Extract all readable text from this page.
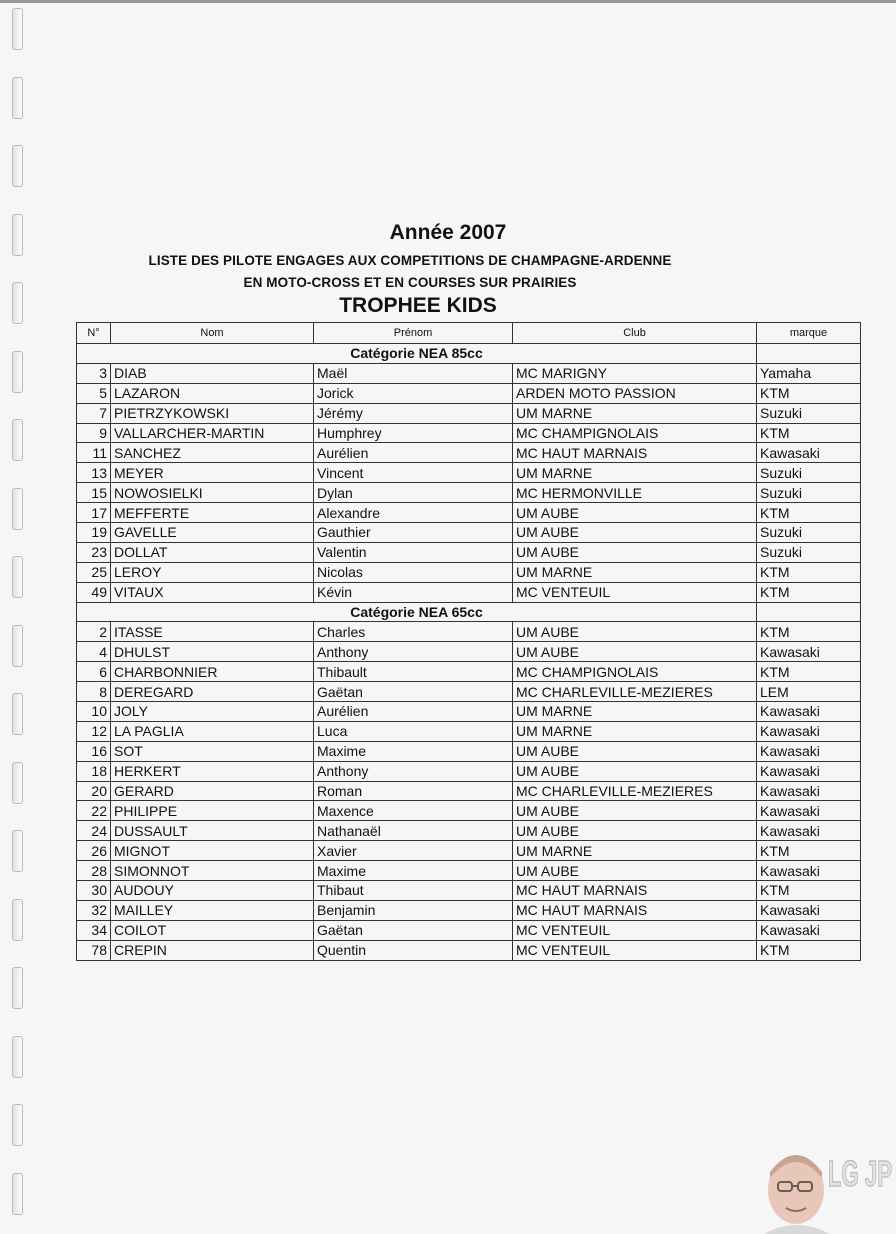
Année 2007
LISTE DES PILOTE ENGAGES AUX COMPETITIONS DE CHAMPAGNE-ARDENNE
EN MOTO-CROSS ET EN COURSES SUR PRAIRIES
TROPHEE KIDS
N°	Nom	Prénom	Club	marque
Catégorie NEA 85cc				
3	DIAB	Maël	MC MARIGNY	Yamaha
5	LAZARON	Jorick	ARDEN MOTO PASSION	KTM
7	PIETRZYKOWSKI	Jérémy	UM MARNE	Suzuki
9	VALLARCHER-MARTIN	Humphrey	MC CHAMPIGNOLAIS	KTM
11	SANCHEZ	Aurélien	MC HAUT MARNAIS	Kawasaki
13	MEYER	Vincent	UM MARNE	Suzuki
15	NOWOSIELKI	Dylan	MC HERMONVILLE	Suzuki
17	MEFFERTE	Alexandre	UM AUBE	KTM
19	GAVELLE	Gauthier	UM AUBE	Suzuki
23	DOLLAT	Valentin	UM AUBE	Suzuki
25	LEROY	Nicolas	UM MARNE	KTM
49	VITAUX	Kévin	MC VENTEUIL	KTM
Catégorie NEA 65cc				
2	ITASSE	Charles	UM AUBE	KTM
4	DHULST	Anthony	UM AUBE	Kawasaki
6	CHARBONNIER	Thibault	MC CHAMPIGNOLAIS	KTM
8	DEREGARD	Gaëtan	MC CHARLEVILLE-MEZIERES	LEM
10	JOLY	Aurélien	UM MARNE	Kawasaki
12	LA PAGLIA	Luca	UM MARNE	Kawasaki
16	SOT	Maxime	UM AUBE	Kawasaki
18	HERKERT	Anthony	UM AUBE	Kawasaki
20	GERARD	Roman	MC CHARLEVILLE-MEZIERES	Kawasaki
22	PHILIPPE	Maxence	UM AUBE	Kawasaki
24	DUSSAULT	Nathanaël	UM AUBE	Kawasaki
26	MIGNOT	Xavier	UM MARNE	KTM
28	SIMONNOT	Maxime	UM AUBE	Kawasaki
30	AUDOUY	Thibaut	MC HAUT MARNAIS	KTM
32	MAILLEY	Benjamin	MC HAUT MARNAIS	Kawasaki
34	COILOT	Gaëtan	MC VENTEUIL	Kawasaki
78	CREPIN	Quentin	MC VENTEUIL	KTM
LG JP
